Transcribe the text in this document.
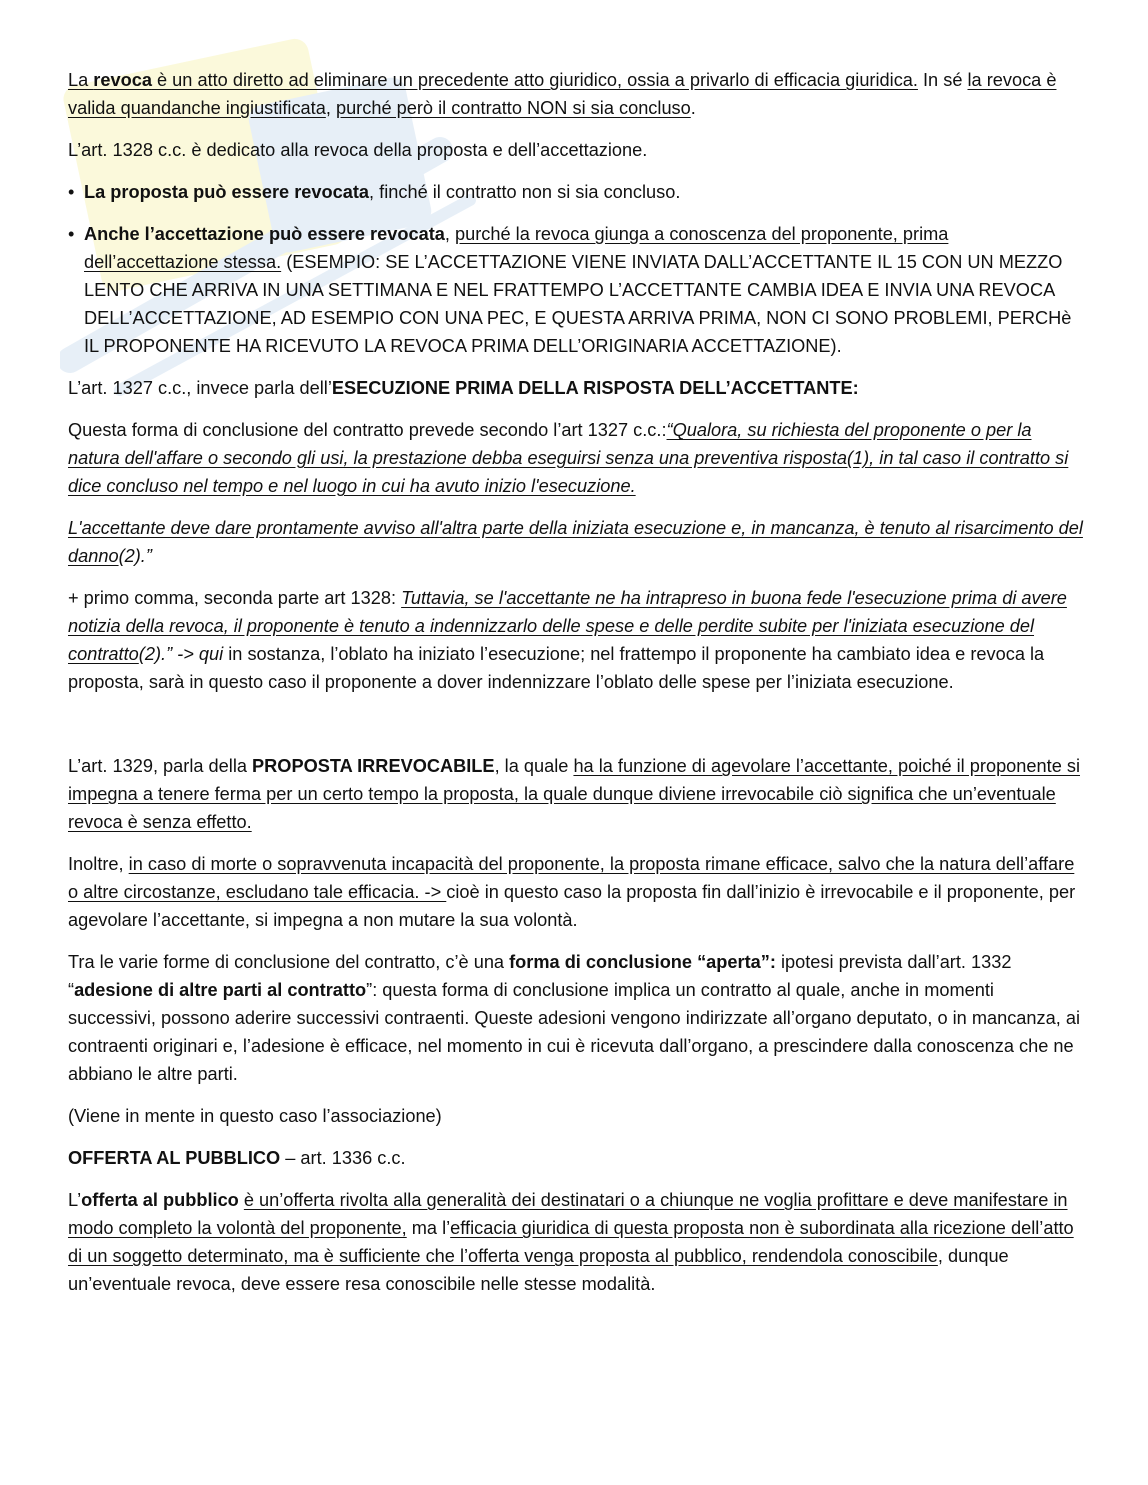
La revoca è un atto diretto ad eliminare un precedente atto giuridico, ossia a privarlo di efficacia giuridica. In sé la revoca è valida quandanche ingiustificata, purché però il contratto NON si sia concluso.

L’art. 1328 c.c. è dedicato alla revoca della proposta e dell’accettazione.

• La proposta può essere revocata, finché il contratto non si sia concluso.
• Anche l’accettazione può essere revocata, purché la revoca giunga a conoscenza del proponente, prima dell’accettazione stessa. (ESEMPIO: SE L’ACCETTAZIONE VIENE INVIATA DALL’ACCETTANTE IL 15 CON UN MEZZO LENTO CHE ARRIVA IN UNA SETTIMANA E NEL FRATTEMPO L’ACCETTANTE CAMBIA IDEA E INVIA UNA REVOCA DELL’ACCETTAZIONE, AD ESEMPIO CON UNA PEC, E QUESTA ARRIVA PRIMA, NON CI SONO PROBLEMI, PERCHè IL PROPONENTE HA RICEVUTO LA REVOCA PRIMA DELL’ORIGINARIA ACCETTAZIONE).

L’art. 1327 c.c., invece parla dell’ESECUZIONE PRIMA DELLA RISPOSTA DELL’ACCETTANTE:

Questa forma di conclusione del contratto prevede secondo l’art 1327 c.c.:“Qualora, su richiesta del proponente o per la natura dell'affare o secondo gli usi, la prestazione debba eseguirsi senza una preventiva risposta(1), in tal caso il contratto si dice concluso nel tempo e nel luogo in cui ha avuto inizio l'esecuzione.

L'accettante deve dare prontamente avviso all'altra parte della iniziata esecuzione e, in mancanza, è tenuto al risarcimento del danno(2).”

+ primo comma, seconda parte art 1328: Tuttavia, se l'accettante ne ha intrapreso in buona fede l'esecuzione prima di avere notizia della revoca, il proponente è tenuto a indennizzarlo delle spese e delle perdite subite per l'iniziata esecuzione del contratto(2).” -> qui in sostanza, l’oblato ha iniziato l’esecuzione; nel frattempo il proponente ha cambiato idea e revoca la proposta, sarà in questo caso il proponente a dover indennizzare l’oblato delle spese per l’iniziata esecuzione.

L’art. 1329, parla della PROPOSTA IRREVOCABILE, la quale ha la funzione di agevolare l’accettante, poiché il proponente si impegna a tenere ferma per un certo tempo la proposta, la quale dunque diviene irrevocabile ciò significa che un’eventuale revoca è senza effetto.

Inoltre, in caso di morte o sopravvenuta incapacità del proponente, la proposta rimane efficace, salvo che la natura dell’affare o altre circostanze, escludano tale efficacia. -> cioè in questo caso la proposta fin dall’inizio è irrevocabile e il proponente, per agevolare l’accettante, si impegna a non mutare la sua volontà.

Tra le varie forme di conclusione del contratto, c’è una forma di conclusione “aperta”: ipotesi prevista dall’art. 1332 “adesione di altre parti al contratto”: questa forma di conclusione implica un contratto al quale, anche in momenti successivi, possono aderire successivi contraenti. Queste adesioni vengono indirizzate all’organo deputato, o in mancanza, ai contraenti originari e, l’adesione è efficace, nel momento in cui è ricevuta dall’organo, a prescindere dalla conoscenza che ne abbiano le altre parti.

(Viene in mente in questo caso l’associazione)

OFFERTA AL PUBBLICO – art. 1336 c.c.

L’offerta al pubblico è un’offerta rivolta alla generalità dei destinatari o a chiunque ne voglia profittare e deve manifestare in modo completo la volontà del proponente, ma l’efficacia giuridica di questa proposta non è subordinata alla ricezione dell’atto di un soggetto determinato, ma è sufficiente che l’offerta venga proposta al pubblico, rendendola conoscibile, dunque un’eventuale revoca, deve essere resa conoscibile nelle stesse modalità.
